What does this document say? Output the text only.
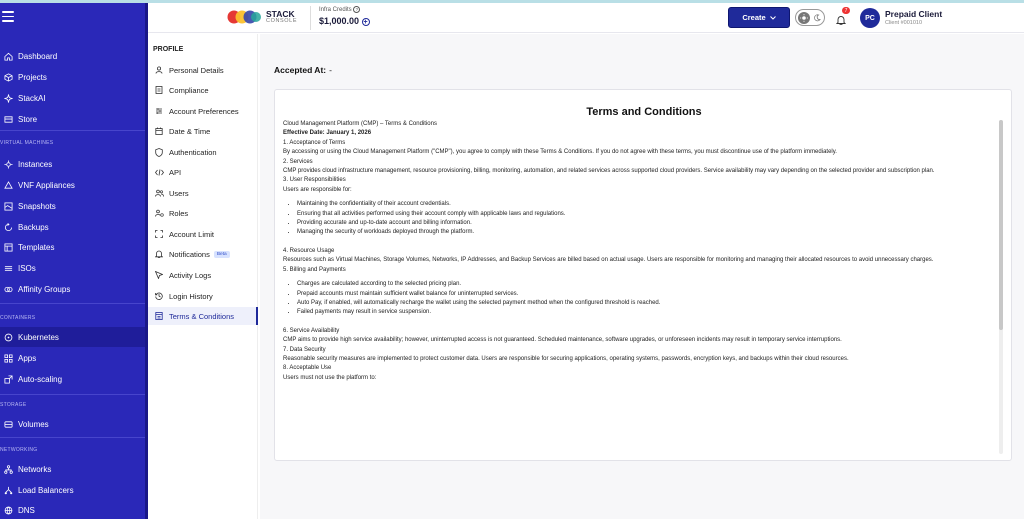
Dashboard
Projects
StackAI
Store
VIRTUAL MACHINES
Instances
VNF Appliances
Snapshots
Backups
Templates
ISOs
Affinity Groups
CONTAINERS
Kubernetes
Apps
Auto-scaling
STORAGE
Volumes
NETWORKING
Networks
Load Balancers
DNS
STACK
CONSOLE
Infra Credits ?
$1,000.00 +
Create
7
PC	Prepaid Client
Client #001010
PROFILE
Personal Details
Compliance
Account Preferences
Date & Time
Authentication
API
Users
Roles
Account Limit
Notifications	Beta
Activity Logs
Login History
Terms & Conditions
Accepted At: -
Terms and Conditions

Cloud Management Platform (CMP) – Terms & Conditions

Effective Date: January 1, 2026

1. Acceptance of Terms

By accessing or using the Cloud Management Platform ("CMP"), you agree to comply with these Terms & Conditions. If you do not agree with these terms, you must discontinue use of the platform immediately.

2. Services

CMP provides cloud infrastructure management, resource provisioning, billing, monitoring, automation, and related services across supported cloud providers. Service availability may vary depending on the selected provider and subscription plan.

3. User Responsibilities

Users are responsible for:

• Maintaining the confidentiality of their account credentials.
• Ensuring that all activities performed using their account comply with applicable laws and regulations.
• Providing accurate and up-to-date account and billing information.
• Managing the security of workloads deployed through the platform.

4. Resource Usage

Resources such as Virtual Machines, Storage Volumes, Networks, IP Addresses, and Backup Services are billed based on actual usage. Users are responsible for monitoring and managing their allocated resources to avoid unnecessary charges.

5. Billing and Payments

• Charges are calculated according to the selected pricing plan.
• Prepaid accounts must maintain sufficient wallet balance for uninterrupted services.
• Auto Pay, if enabled, will automatically recharge the wallet using the selected payment method when the configured threshold is reached.
• Failed payments may result in service suspension.

6. Service Availability

CMP aims to provide high service availability; however, uninterrupted access is not guaranteed. Scheduled maintenance, software upgrades, or unforeseen incidents may result in temporary service interruptions.

7. Data Security

Reasonable security measures are implemented to protect customer data. Users are responsible for securing applications, operating systems, passwords, encryption keys, and backups within their cloud resources.

8. Acceptable Use

Users must not use the platform to:
